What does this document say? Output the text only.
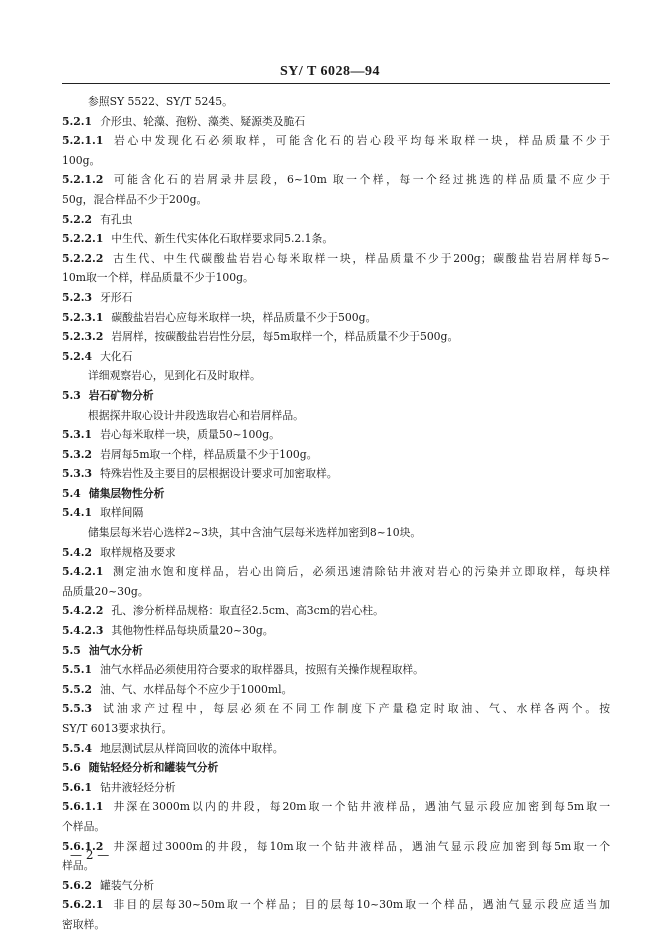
SY/ T 6028—94
参照SY 5522、SY/T 5245。
5.2.1 介形虫、轮藻、孢粉、藻类、疑源类及脆石
5.2.1.1 岩心中发现化石必须取样，可能含化石的岩心段平均每米取样一块，样品质量不少于
100g。
5.2.1.2 可能含化石的岩屑录井层段，6~10m 取一个样，每一个经过挑选的样品质量不应少于
50g，混合样品不少于200g。
5.2.2 有孔虫
5.2.2.1 中生代、新生代实体化石取样要求同5.2.1条。
5.2.2.2 古生代、中生代碳酸盐岩岩心每米取样一块，样品质量不少于200g；碳酸盐岩岩屑样每5~
10m取一个样，样品质量不少于100g。
5.2.3 牙形石
5.2.3.1 碳酸盐岩岩心应每米取样一块，样品质量不少于500g。
5.2.3.2 岩屑样，按碳酸盐岩岩性分层，每5m取样一个，样品质量不少于500g。
5.2.4 大化石
详细观察岩心，见到化石及时取样。
5.3 岩石矿物分析
根据探井取心设计井段选取岩心和岩屑样品。
5.3.1 岩心每米取样一块，质量50~100g。
5.3.2 岩屑每5m取一个样，样品质量不少于100g。
5.3.3 特殊岩性及主要目的层根据设计要求可加密取样。
5.4 储集层物性分析
5.4.1 取样间隔
储集层每米岩心选样2~3块，其中含油气层每米选样加密到8~10块。
5.4.2 取样规格及要求
5.4.2.1 测定油水饱和度样品，岩心出筒后，必须迅速清除钻井液对岩心的污染并立即取样，每块样
品质量20~30g。
5.4.2.2 孔、渗分析样品规格：取直径2.5cm、高3cm的岩心柱。
5.4.2.3 其他物性样品每块质量20~30g。
5.5 油气水分析
5.5.1 油气水样品必须使用符合要求的取样器具，按照有关操作规程取样。
5.5.2 油、气、水样品每个不应少于1000ml。
5.5.3 试油求产过程中，每层必须在不同工作制度下产量稳定时取油、气、水样各两个。按
SY/T 6013要求执行。
5.5.4 地层测试层从样筒回收的流体中取样。
5.6 随钻轻烃分析和罐装气分析
5.6.1 钻井液轻烃分析
5.6.1.1 井深在3000m以内的井段，每20m取一个钻井液样品，遇油气显示段应加密到每5m取一
个样品。
5.6.1.2 井深超过3000m的井段，每10m取一个钻井液样品，遇油气显示段应加密到每5m取一个
样品。
5.6.2 罐装气分析
5.6.2.1 非目的层每30~50m取一个样品；目的层每10~30m取一个样品，遇油气显示段应适当加
密取样。
— 2 —
